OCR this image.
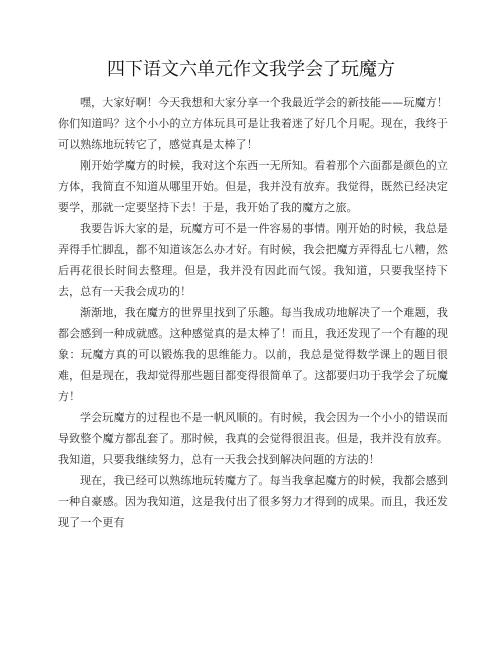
四下语文六单元作文我学会了玩魔方

嘿，大家好啊！今天我想和大家分享一个我最近学会的新技能——玩魔方！你们知道吗？这个小小的立方体玩具可是让我着迷了好几个月呢。现在，我终于可以熟练地玩转它了，感觉真是太棒了！

刚开始学魔方的时候，我对这个东西一无所知。看着那个六面都是颜色的立方体，我简直不知道从哪里开始。但是，我并没有放弃。我觉得，既然已经决定要学，那就一定要坚持下去！于是，我开始了我的魔方之旅。

我要告诉大家的是，玩魔方可不是一件容易的事情。刚开始的时候，我总是弄得手忙脚乱，都不知道该怎么办才好。有时候，我会把魔方弄得乱七八糟，然后再花很长时间去整理。但是，我并没有因此而气馁。我知道，只要我坚持下去，总有一天我会成功的！

渐渐地，我在魔方的世界里找到了乐趣。每当我成功地解决了一个难题，我都会感到一种成就感。这种感觉真的是太棒了！而且，我还发现了一个有趣的现象：玩魔方真的可以锻炼我的思维能力。以前，我总是觉得数学课上的题目很难，但是现在，我却觉得那些题目都变得很简单了。这都要归功于我学会了玩魔方！

学会玩魔方的过程也不是一帆风顺的。有时候，我会因为一个小小的错误而导致整个魔方都乱套了。那时候，我真的会觉得很沮丧。但是，我并没有放弃。我知道，只要我继续努力，总有一天我会找到解决问题的方法的！

现在，我已经可以熟练地玩转魔方了。每当我拿起魔方的时候，我都会感到一种自豪感。因为我知道，这是我付出了很多努力才得到的成果。而且，我还发现了一个更有
